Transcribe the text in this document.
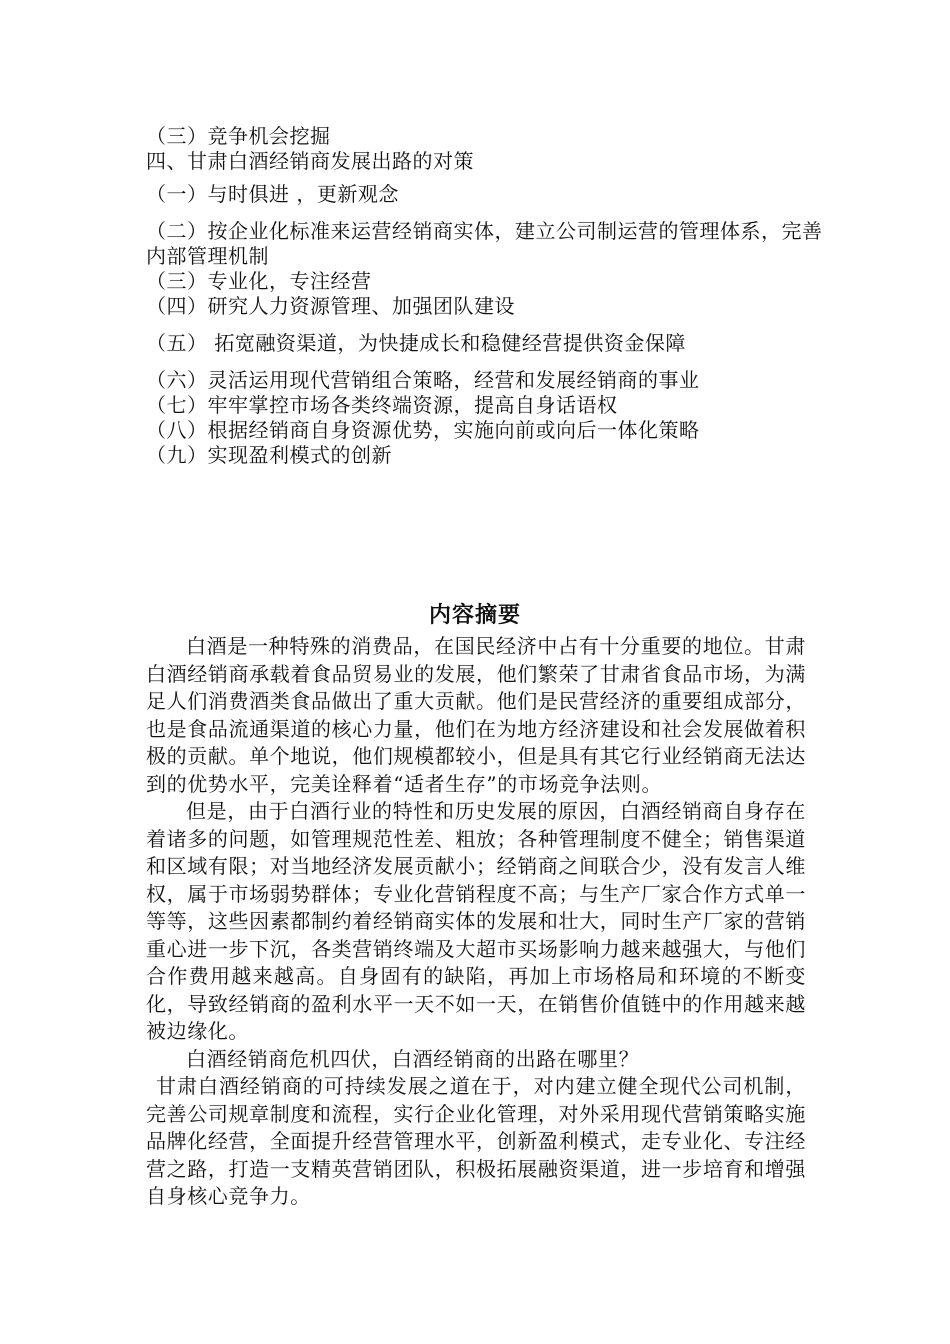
（三）竞争机会挖掘
四、甘肃白酒经销商发展出路的对策
（一）与时俱进 ，更新观念
（二）按企业化标准来运营经销商实体，建立公司制运营的管理体系，完善内部管理机制
（三）专业化，专注经营
（四）研究人力资源管理、加强团队建设
（五） 拓宽融资渠道，为快捷成长和稳健经营提供资金保障
（六）灵活运用现代营销组合策略，经营和发展经销商的事业
（七）牢牢掌控市场各类终端资源，提高自身话语权
（八）根据经销商自身资源优势，实施向前或向后一体化策略
（九）实现盈利模式的创新
内容摘要

白酒是一种特殊的消费品，在国民经济中占有十分重要的地位。甘肃白酒经销商承载着食品贸易业的发展，他们繁荣了甘肃省食品市场，为满足人们消费酒类食品做出了重大贡献。他们是民营经济的重要组成部分，也是食品流通渠道的核心力量，他们在为地方经济建设和社会发展做着积极的贡献。单个地说，他们规模都较小，但是具有其它行业经销商无法达到的优势水平，完美诠释着“适者生存”的市场竞争法则。

但是，由于白酒行业的特性和历史发展的原因，白酒经销商自身存在着诸多的问题，如管理规范性差、粗放；各种管理制度不健全；销售渠道和区域有限；对当地经济发展贡献小；经销商之间联合少，没有发言人维权，属于市场弱势群体；专业化营销程度不高；与生产厂家合作方式单一等等，这些因素都制约着经销商实体的发展和壮大，同时生产厂家的营销重心进一步下沉，各类营销终端及大超市买场影响力越来越强大，与他们合作费用越来越高。自身固有的缺陷，再加上市场格局和环境的不断变化，导致经销商的盈利水平一天不如一天，在销售价值链中的作用越来越被边缘化。

白酒经销商危机四伏，白酒经销商的出路在哪里？

甘肃白酒经销商的可持续发展之道在于，对内建立健全现代公司机制，完善公司规章制度和流程，实行企业化管理，对外采用现代营销策略实施品牌化经营，全面提升经营管理水平，创新盈利模式，走专业化、专注经营之路，打造一支精英营销团队，积极拓展融资渠道，进一步培育和增强自身核心竞争力。
